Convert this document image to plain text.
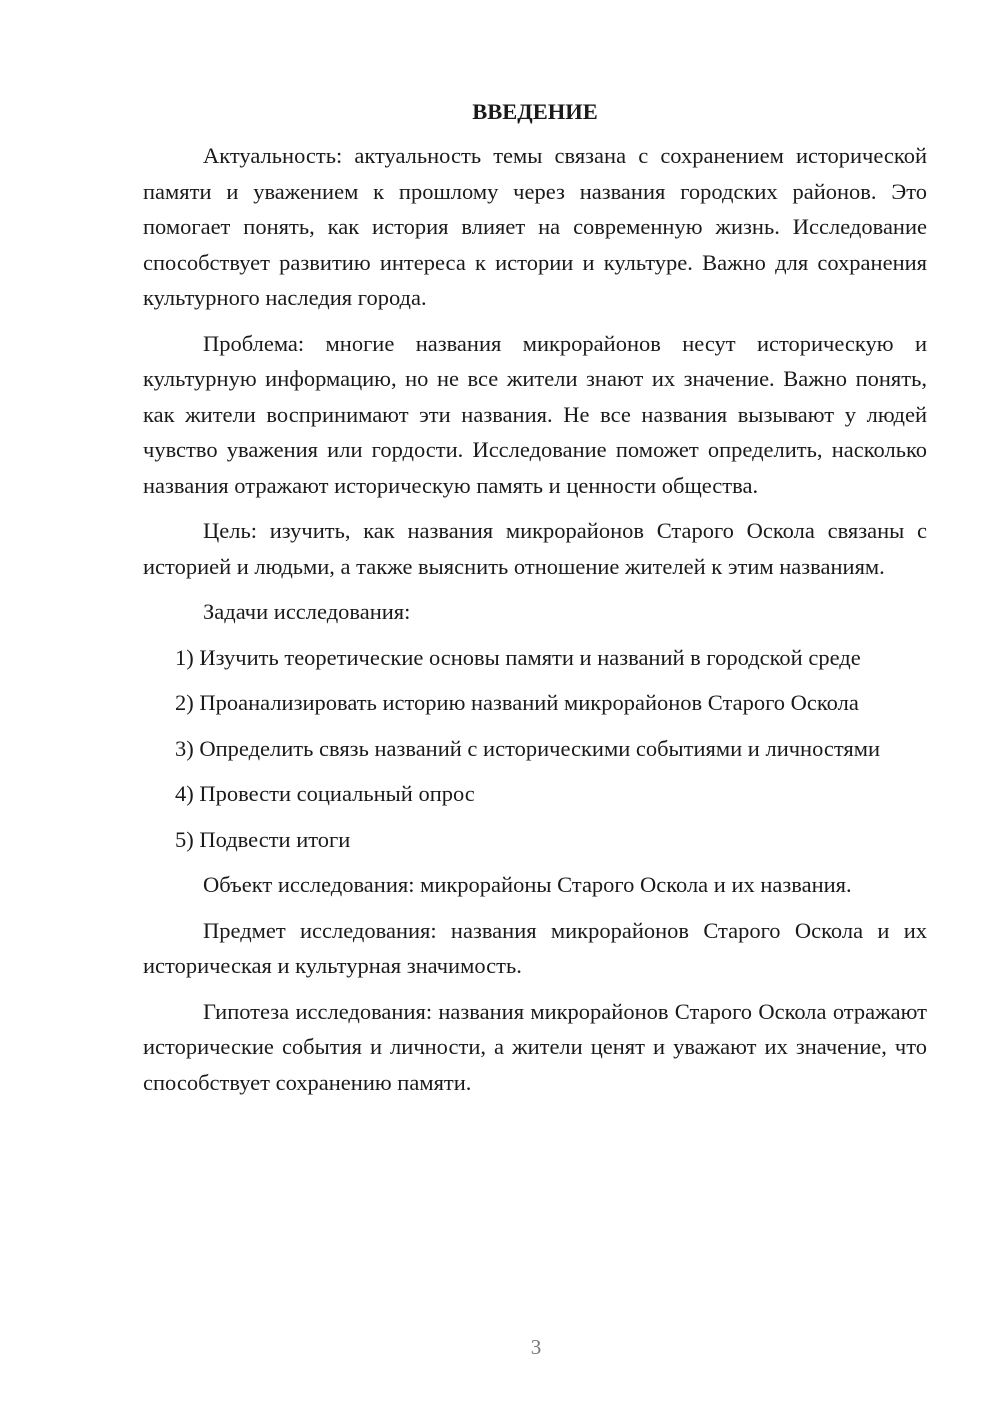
ВВЕДЕНИЕ

Актуальность: актуальность темы связана с сохранением исторической памяти и уважением к прошлому через названия городских районов. Это помогает понять, как история влияет на современную жизнь. Исследование способствует развитию интереса к истории и культуре. Важно для сохранения культурного наследия города.

Проблема: многие названия микрорайонов несут историческую и культурную информацию, но не все жители знают их значение. Важно понять, как жители воспринимают эти названия. Не все названия вызывают у людей чувство уважения или гордости. Исследование поможет определить, насколько названия отражают историческую память и ценности общества.

Цель: изучить, как названия микрорайонов Старого Оскола связаны с историей и людьми, а также выяснить отношение жителей к этим названиям.

Задачи исследования:

1) Изучить теоретические основы памяти и названий в городской среде

2) Проанализировать историю названий микрорайонов Старого Оскола

3) Определить связь названий с историческими событиями и личностями

4) Провести социальный опрос

5) Подвести итоги

Объект исследования: микрорайоны Старого Оскола и их названия.

Предмет исследования: названия микрорайонов Старого Оскола и их историческая и культурная значимость.

Гипотеза исследования: названия микрорайонов Старого Оскола отражают исторические события и личности, а жители ценят и уважают их значение, что способствует сохранению памяти.

3
